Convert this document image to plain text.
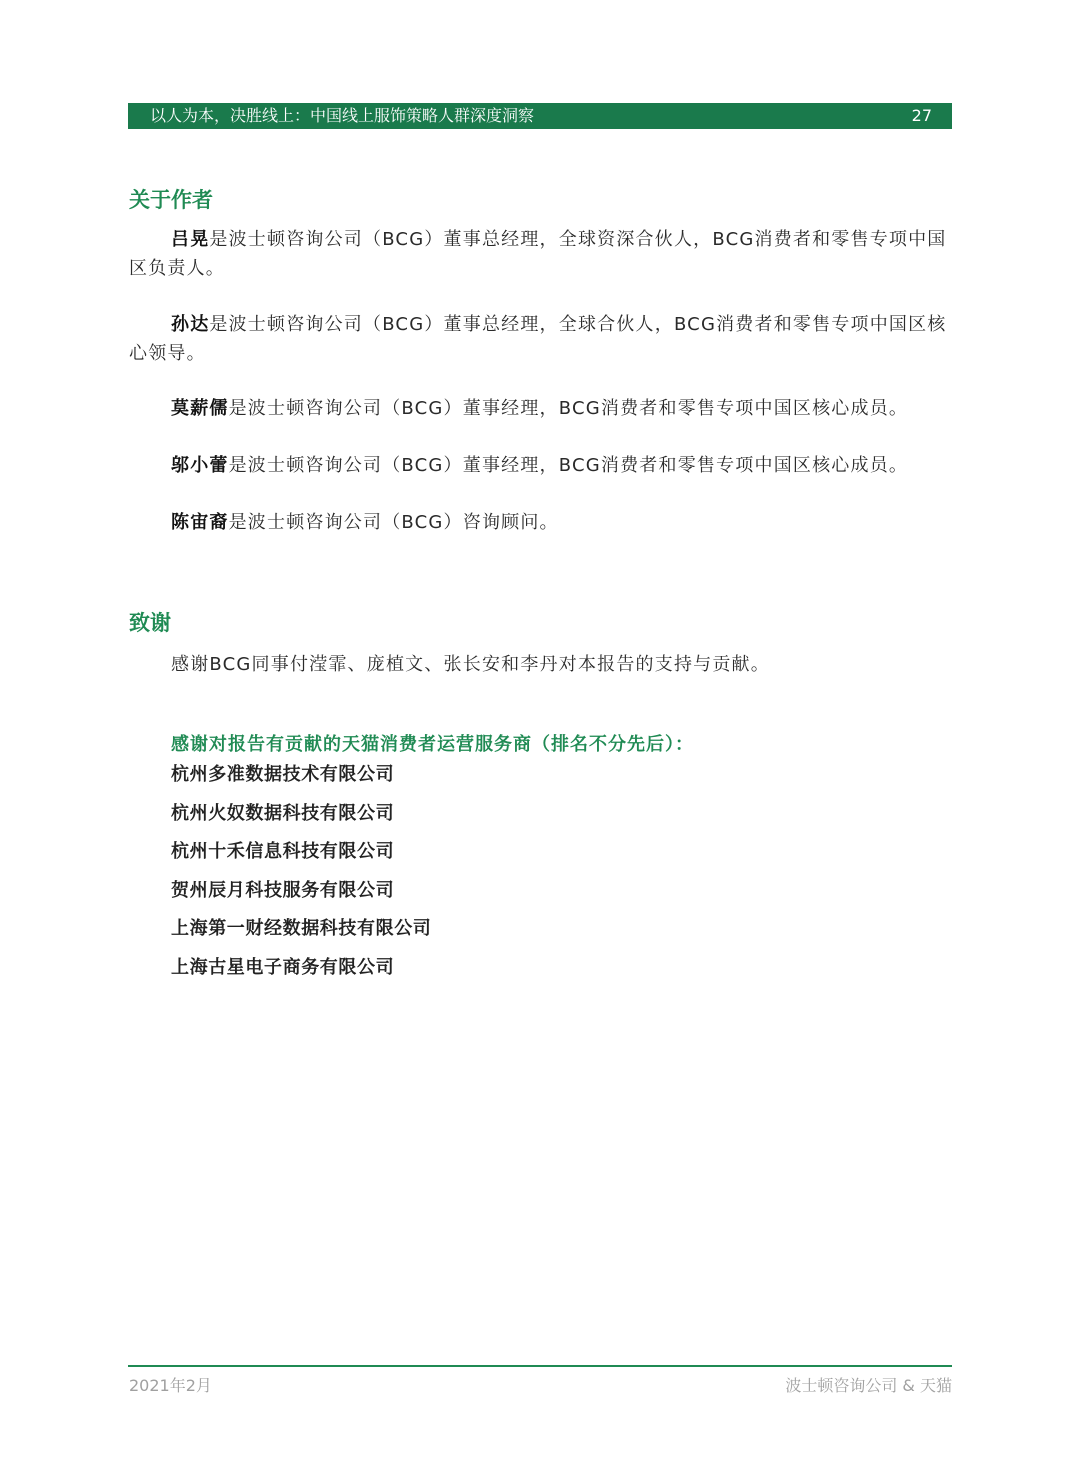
以人为本，决胜线上：中国线上服饰策略人群深度洞察	27
关于作者

吕晃是波士顿咨询公司（BCG）董事总经理，全球资深合伙人，BCG消费者和零售专项中国区负责人。

孙达是波士顿咨询公司（BCG）董事总经理，全球合伙人，BCG消费者和零售专项中国区核心领导。

莫薪儒是波士顿咨询公司（BCG）董事经理，BCG消费者和零售专项中国区核心成员。

邬小蕾是波士顿咨询公司（BCG）董事经理，BCG消费者和零售专项中国区核心成员。

陈宙裔是波士顿咨询公司（BCG）咨询顾问。

致谢
感谢BCG同事付滢霏、庞植文、张长安和李丹对本报告的支持与贡献。
感谢对报告有贡献的天猫消费者运营服务商（排名不分先后）：
杭州多准数据技术有限公司
杭州火奴数据科技有限公司
杭州十禾信息科技有限公司
贺州辰月科技服务有限公司
上海第一财经数据科技有限公司
上海古星电子商务有限公司
2021年2月	波士顿咨询公司 & 天猫
